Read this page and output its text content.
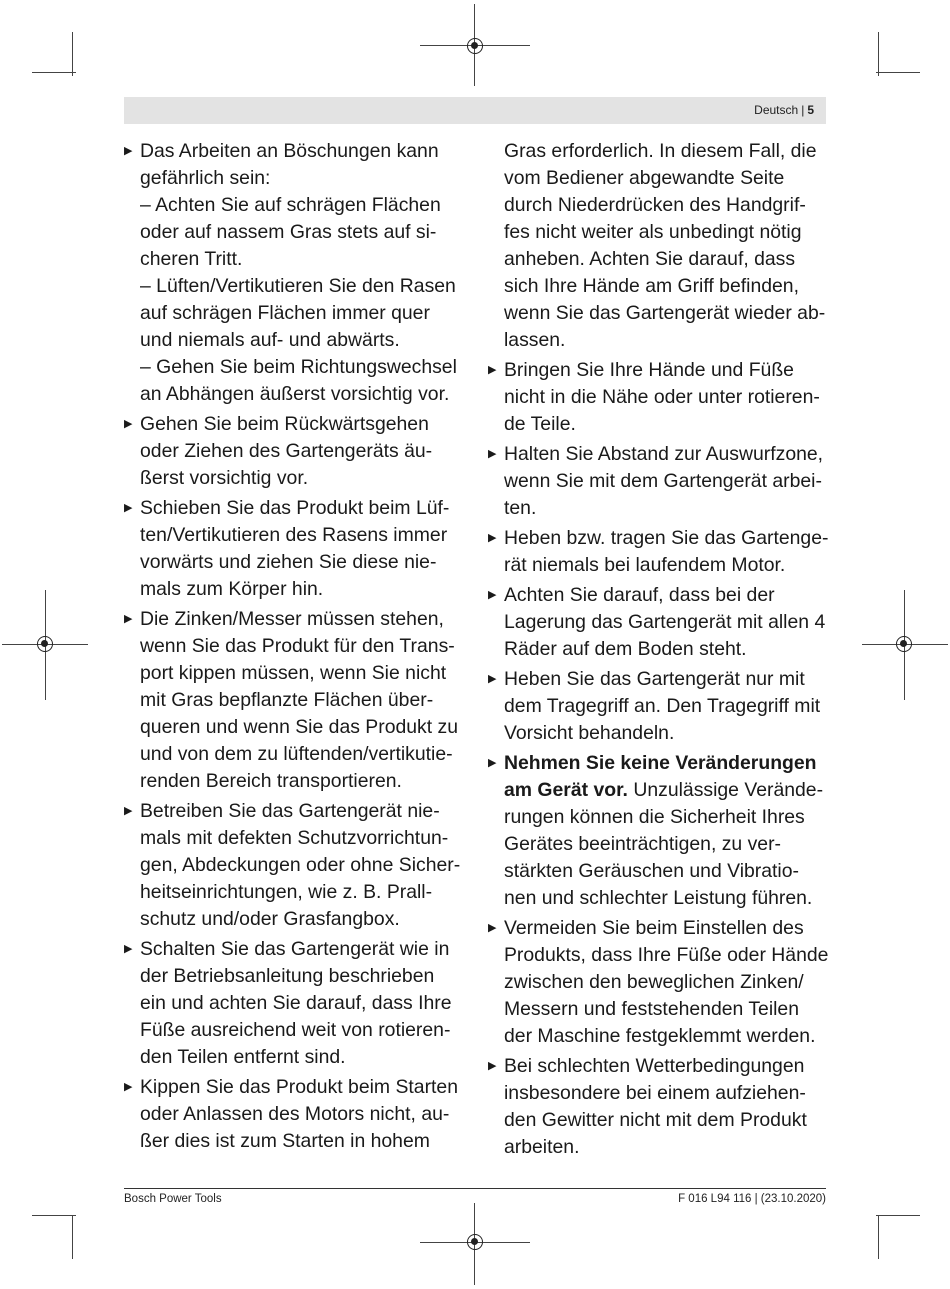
Deutsch | 5
▶ Das Arbeiten an Böschungen kann
gefährlich sein:
– Achten Sie auf schrägen Flächen
oder auf nassem Gras stets auf si-
cheren Tritt.
– Lüften/Vertikutieren Sie den Rasen
auf schrägen Flächen immer quer
und niemals auf- und abwärts.
– Gehen Sie beim Richtungswechsel
an Abhängen äußerst vorsichtig vor.
▶ Gehen Sie beim Rückwärtsgehen
oder Ziehen des Gartengeräts äu-
ßerst vorsichtig vor.
▶ Schieben Sie das Produkt beim Lüf-
ten/Vertikutieren des Rasens immer
vorwärts und ziehen Sie diese nie-
mals zum Körper hin.
▶ Die Zinken/Messer müssen stehen,
wenn Sie das Produkt für den Trans-
port kippen müssen, wenn Sie nicht
mit Gras bepflanzte Flächen über-
queren und wenn Sie das Produkt zu
und von dem zu lüftenden/vertikutie-
renden Bereich transportieren.
▶ Betreiben Sie das Gartengerät nie-
mals mit defekten Schutzvorrichtun-
gen, Abdeckungen oder ohne Sicher-
heitseinrichtungen, wie z. B. Prall-
schutz und/oder Grasfangbox.
▶ Schalten Sie das Gartengerät wie in
der Betriebsanleitung beschrieben
ein und achten Sie darauf, dass Ihre
Füße ausreichend weit von rotieren-
den Teilen entfernt sind.
▶ Kippen Sie das Produkt beim Starten
oder Anlassen des Motors nicht, au-
ßer dies ist zum Starten in hohem
Gras erforderlich. In diesem Fall, die
vom Bediener abgewandte Seite
durch Niederdrücken des Handgrif-
fes nicht weiter als unbedingt nötig
anheben. Achten Sie darauf, dass
sich Ihre Hände am Griff befinden,
wenn Sie das Gartengerät wieder ab-
lassen.
▶ Bringen Sie Ihre Hände und Füße
nicht in die Nähe oder unter rotieren-
de Teile.
▶ Halten Sie Abstand zur Auswurfzone,
wenn Sie mit dem Gartengerät arbei-
ten.
▶ Heben bzw. tragen Sie das Gartenge-
rät niemals bei laufendem Motor.
▶ Achten Sie darauf, dass bei der
Lagerung das Gartengerät mit allen 4
Räder auf dem Boden steht.
▶ Heben Sie das Gartengerät nur mit
dem Tragegriff an. Den Tragegriff mit
Vorsicht behandeln.
▶ Nehmen Sie keine Veränderungen
am Gerät vor. Unzulässige Verände-
rungen können die Sicherheit Ihres
Gerätes beeinträchtigen, zu ver-
stärkten Geräuschen und Vibratio-
nen und schlechter Leistung führen.
▶ Vermeiden Sie beim Einstellen des
Produkts, dass Ihre Füße oder Hände
zwischen den beweglichen Zinken/
Messern und feststehenden Teilen
der Maschine festgeklemmt werden.
▶ Bei schlechten Wetterbedingungen
insbesondere bei einem aufziehen-
den Gewitter nicht mit dem Produkt
arbeiten.
Bosch Power Tools	F 016 L94 116 | (23.10.2020)
